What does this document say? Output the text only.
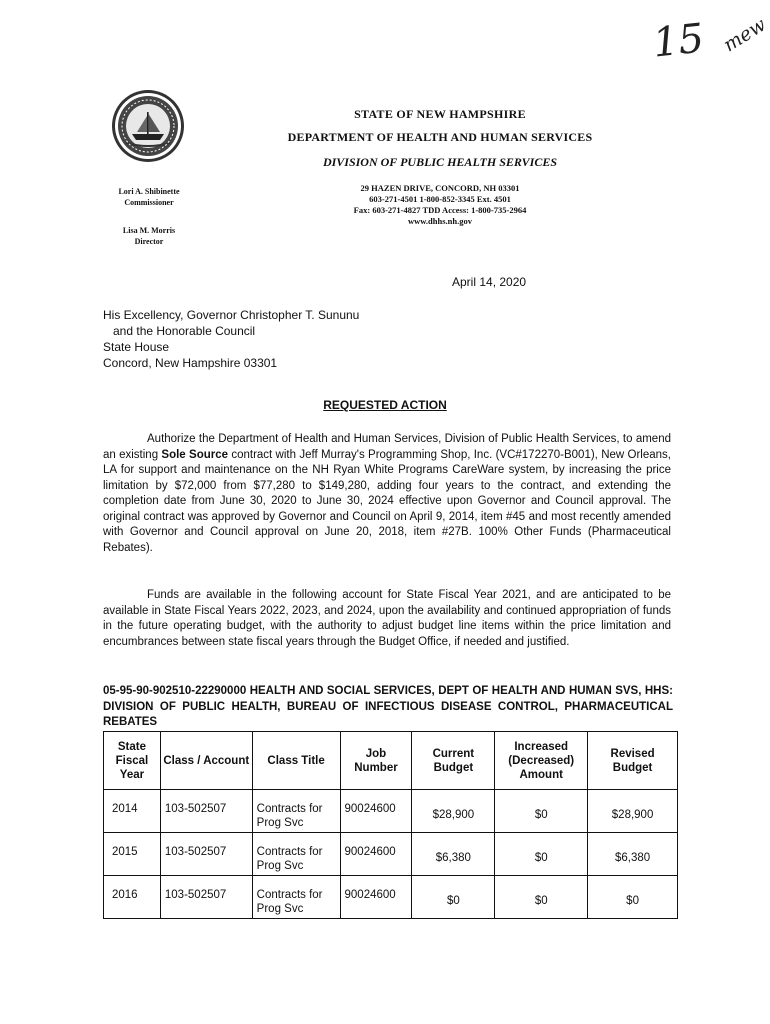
15 mew
Lori A. Shibinette
Commissioner
Lisa M. Morris
Director
STATE OF NEW HAMPSHIRE
DEPARTMENT OF HEALTH AND HUMAN SERVICES
DIVISION OF PUBLIC HEALTH SERVICES
29 HAZEN DRIVE, CONCORD, NH 03301
603-271-4501 1-800-852-3345 Ext. 4501
Fax: 603-271-4827 TDD Access: 1-800-735-2964
www.dhhs.nh.gov
April 14, 2020
His Excellency, Governor Christopher T. Sununu
and the Honorable Council
State House
Concord, New Hampshire 03301
REQUESTED ACTION

Authorize the Department of Health and Human Services, Division of Public Health Services, to amend an existing Sole Source contract with Jeff Murray's Programming Shop, Inc. (VC#172270-B001), New Orleans, LA for support and maintenance on the NH Ryan White Programs CareWare system, by increasing the price limitation by $72,000 from $77,280 to $149,280, adding four years to the contract, and extending the completion date from June 30, 2020 to June 30, 2024 effective upon Governor and Council approval. The original contract was approved by Governor and Council on April 9, 2014, item #45 and most recently amended with Governor and Council approval on June 20, 2018, item #27B. 100% Other Funds (Pharmaceutical Rebates).

Funds are available in the following account for State Fiscal Year 2021, and are anticipated to be available in State Fiscal Years 2022, 2023, and 2024, upon the availability and continued appropriation of funds in the future operating budget, with the authority to adjust budget line items within the price limitation and encumbrances between state fiscal years through the Budget Office, if needed and justified.

05-95-90-902510-22290000 HEALTH AND SOCIAL SERVICES, DEPT OF HEALTH AND HUMAN SVS, HHS: DIVISION OF PUBLIC HEALTH, BUREAU OF INFECTIOUS DISEASE CONTROL, PHARMACEUTICAL REBATES

State Fiscal Year	Class / Account	Class Title	Job Number	Current Budget	Increased (Decreased) Amount	Revised Budget
2014	103-502507	Contracts for Prog Svc	90024600	$28,900	$0	$28,900
2015	103-502507	Contracts for Prog Svc	90024600	$6,380	$0	$6,380
2016	103-502507	Contracts for Prog Svc	90024600	$0	$0	$0
